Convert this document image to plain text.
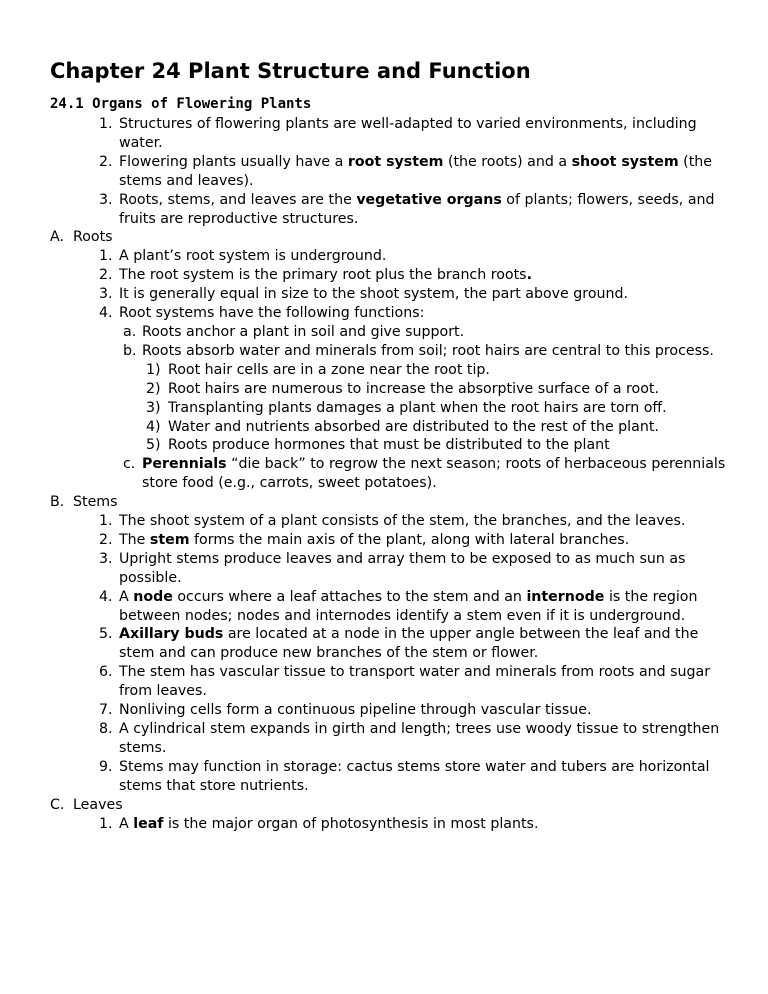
Chapter 24 Plant Structure and Function
24.1 Organs of Flowering Plants
1. Structures of flowering plants are well-adapted to varied environments, including water.
2. Flowering plants usually have a root system (the roots) and a shoot system (the stems and leaves).
3. Roots, stems, and leaves are the vegetative organs of plants; flowers, seeds, and fruits are reproductive structures.
A. Roots
1. A plant’s root system is underground.
2. The root system is the primary root plus the branch roots.
3. It is generally equal in size to the shoot system, the part above ground.
4. Root systems have the following functions:
a. Roots anchor a plant in soil and give support.
b. Roots absorb water and minerals from soil; root hairs are central to this process.
1) Root hair cells are in a zone near the root tip.
2) Root hairs are numerous to increase the absorptive surface of a root.
3) Transplanting plants damages a plant when the root hairs are torn off.
4) Water and nutrients absorbed are distributed to the rest of the plant.
5) Roots produce hormones that must be distributed to the plant
c. Perennials “die back” to regrow the next season; roots of herbaceous perennials store food (e.g., carrots, sweet potatoes).
B. Stems
1. The shoot system of a plant consists of the stem, the branches, and the leaves.
2. The stem forms the main axis of the plant, along with lateral branches.
3. Upright stems produce leaves and array them to be exposed to as much sun as possible.
4. A node occurs where a leaf attaches to the stem and an internode is the region between nodes; nodes and internodes identify a stem even if it is underground.
5. Axillary buds are located at a node in the upper angle between the leaf and the stem and can produce new branches of the stem or flower.
6. The stem has vascular tissue to transport water and minerals from roots and sugar from leaves.
7. Nonliving cells form a continuous pipeline through vascular tissue.
8. A cylindrical stem expands in girth and length; trees use woody tissue to strengthen stems.
9. Stems may function in storage: cactus stems store water and tubers are horizontal stems that store nutrients.
C. Leaves
1. A leaf is the major organ of photosynthesis in most plants.
